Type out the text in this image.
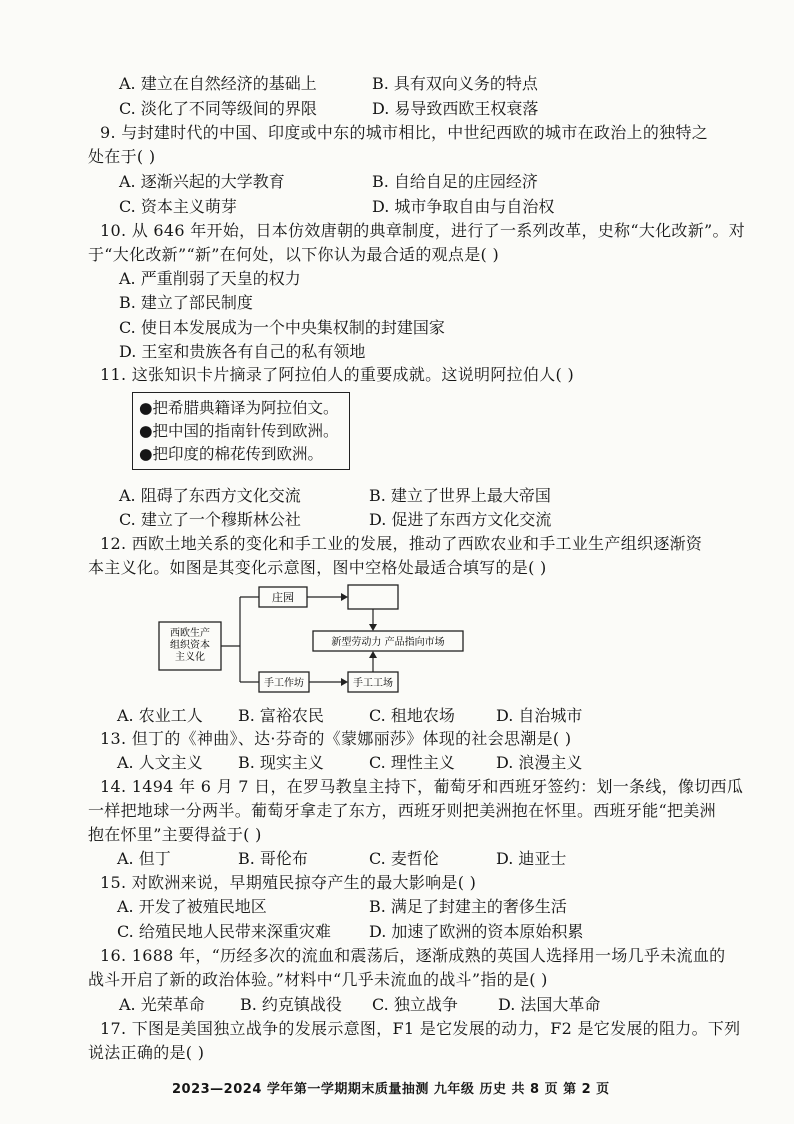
A. 建立在自然经济的基础上	B. 具有双向义务的特点
C. 淡化了不同等级间的界限	D. 易导致西欧王权衰落
9. 与封建时代的中国、印度或中东的城市相比，中世纪西欧的城市在政治上的独特之
处在于( )
A. 逐渐兴起的大学教育	B. 自给自足的庄园经济
C. 资本主义萌芽	D. 城市争取自由与自治权
10. 从 646 年开始，日本仿效唐朝的典章制度，进行了一系列改革，史称“大化改新”。对
于“大化改新”“新”在何处，以下你认为最合适的观点是( )
A. 严重削弱了天皇的权力
B. 建立了部民制度
C. 使日本发展成为一个中央集权制的封建国家
D. 王室和贵族各有自己的私有领地
11. 这张知识卡片摘录了阿拉伯人的重要成就。这说明阿拉伯人( )
●把希腊典籍译为阿拉伯文。
●把中国的指南针传到欧洲。
●把印度的棉花传到欧洲。
A. 阻碍了东西方文化交流	B. 建立了世界上最大帝国
C. 建立了一个穆斯林公社	D. 促进了东西方文化交流
12. 西欧土地关系的变化和手工业的发展，推动了西欧农业和手工业生产组织逐渐资
本主义化。如图是其变化示意图，图中空格处最适合填写的是( )
西欧生产
组织资本
主义化
庄园
新型劳动力 产品指向市场
手工作坊	手工工场
A. 农业工人 B. 富裕农民	C. 租地农场	D. 自治城市
13. 但丁的《神曲》、达·芬奇的《蒙娜丽莎》体现的社会思潮是( )
A. 人文主义 B. 现实主义	C. 理性主义	D. 浪漫主义
14. 1494 年 6 月 7 日，在罗马教皇主持下，葡萄牙和西班牙签约：划一条线，像切西瓜
一样把地球一分两半。葡萄牙拿走了东方，西班牙则把美洲抱在怀里。西班牙能“把美洲
抱在怀里”主要得益于( )
A. 但丁	B. 哥伦布	C. 麦哲伦	D. 迪亚士
15. 对欧洲来说，早期殖民掠夺产生的最大影响是( )
A. 开发了被殖民地区	B. 满足了封建主的奢侈生活
C. 给殖民地人民带来深重灾难 D. 加速了欧洲的资本原始积累
16. 1688 年，“历经多次的流血和震荡后，逐渐成熟的英国人选择用一场几乎未流血的
战斗开启了新的政治体验。”材料中“几乎未流血的战斗”指的是( )
A. 光荣革命 B. 约克镇战役 C. 独立战争	D. 法国大革命
17. 下图是美国独立战争的发展示意图，F1 是它发展的动力，F2 是它发展的阻力。下列
说法正确的是( )
2023—2024 学年第一学期期末质量抽测 九年级 历史 共 8 页 第 2 页
